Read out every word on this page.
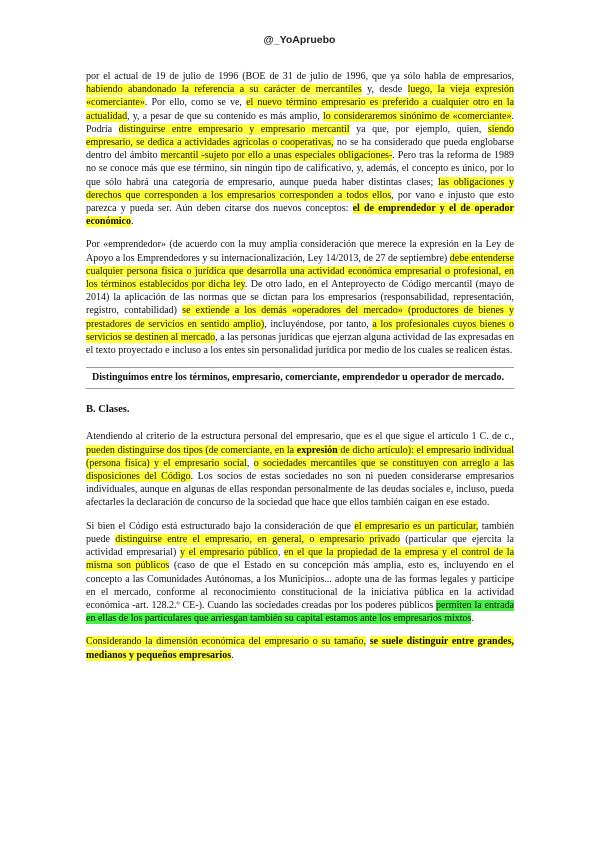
@_YoApruebo

por el actual de 19 de julio de 1996 (BOE de 31 de julio de 1996, que ya sólo habla de empresarios, habiendo abandonado la referencia a su carácter de mercantiles y, desde luego, la vieja expresión «comerciante». Por ello, como se ve, el nuevo término empresario es preferido a cualquier otro en la actualidad, y, a pesar de que su contenido es más amplio, lo consideraremos sinónimo de «comerciante». Podría distinguirse entre empresario y empresario mercantil ya que, por ejemplo, quien, siendo empresario, se dedica a actividades agrícolas o cooperativas, no se ha considerado que pueda englobarse dentro del ámbito mercantil -sujeto por ello a unas especiales obligaciones-. Pero tras la reforma de 1989 no se conoce más que ese término, sin ningún tipo de calificativo, y, además, el concepto es único, por lo que sólo habrá una categoría de empresario, aunque pueda haber distintas clases; las obligaciones y derechos que corresponden a los empresarios corresponden a todos ellos, por vano e injusto que esto parezca y pueda ser. Aún deben citarse dos nuevos conceptos: el de emprendedor y el de operador económico.

Por «emprendedor» (de acuerdo con la muy amplia consideración que merece la expresión en la Ley de Apoyo a los Emprendedores y su internacionalización, Ley 14/2013, de 27 de septiembre) debe entenderse cualquier persona física o jurídica que desarrolla una actividad económica empresarial o profesional, en los términos establecidos por dicha ley. De otro lado, en el Anteproyecto de Código mercantil (mayo de 2014) la aplicación de las normas que se dictan para los empresarios (responsabilidad, representación, registro, contabilidad) se extiende a los demás «operadores del mercado» (productores de bienes y prestadores de servicios en sentido amplio), incluyéndose, por tanto, a los profesionales cuyos bienes o servicios se destinen al mercado, a las personas jurídicas que ejerzan alguna actividad de las expresadas en el texto proyectado e incluso a los entes sin personalidad jurídica por medio de los cuales se realicen éstas.

Distinguimos entre los términos, empresario, comerciante, emprendedor u operador de mercado.
B. Clases.

Atendiendo al criterio de la estructura personal del empresario, que es el que sigue el artículo 1 C. de c., pueden distinguirse dos tipos (de comerciante, en la expresión de dicho artículo): el empresario individual (persona física) y el empresario social, o sociedades mercantiles que se constituyen con arreglo a las disposiciones del Código. Los socios de estas sociedades no son ni pueden considerarse empresarios individuales, aunque en algunas de ellas respondan personalmente de las deudas sociales e, incluso, pueda afectarles la declaración de concurso de la sociedad que hace que ellos también caigan en ese estado.

Si bien el Código está estructurado bajo la consideración de que el empresario es un particular, también puede distinguirse entre el empresario, en general, o empresario privado (particular que ejercita la actividad empresarial) y el empresario público, en el que la propiedad de la empresa y el control de la misma son públicos (caso de que el Estado en su concepción más amplia, esto es, incluyendo en el concepto a las Comunidades Autónomas, a los Municipios... adopte una de las formas legales y participe en el mercado, conforme al reconocimiento constitucional de la iniciativa pública en la actividad económica -art. 128.2.º CE-). Cuando las sociedades creadas por los poderes públicos permiten la entrada en ellas de los particulares que arriesgan también su capital estamos ante los empresarios mixtos.

Considerando la dimensión económica del empresario o su tamaño, se suele distinguir entre grandes, medianos y pequeños empresarios.
